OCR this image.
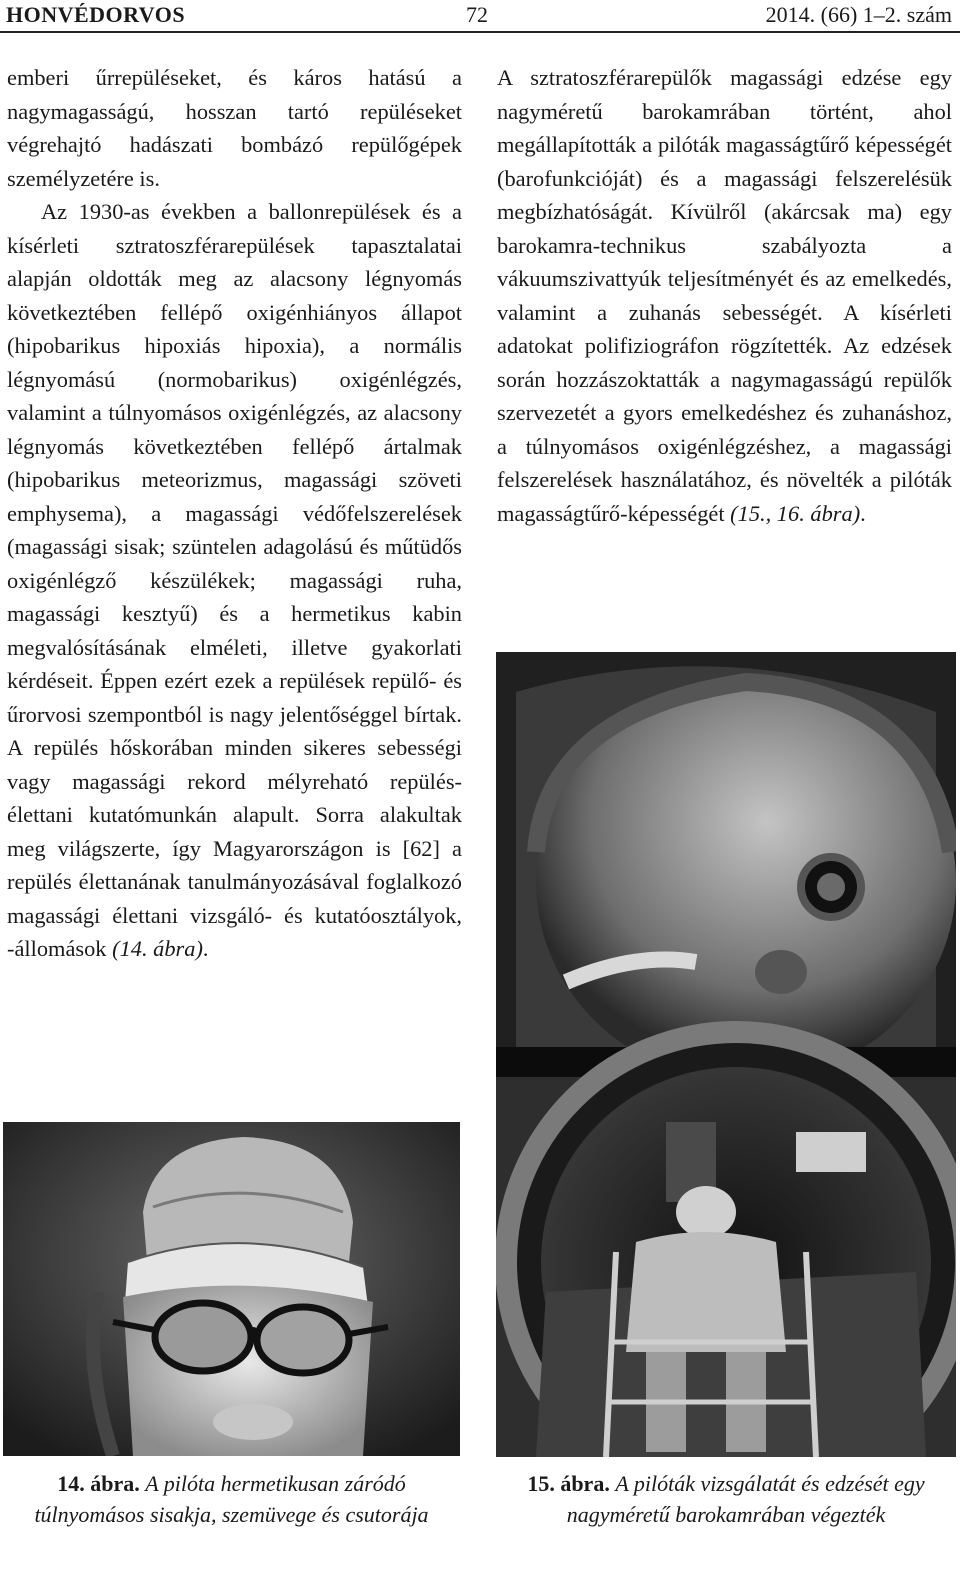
HONVÉDORVOS	72	2014. (66) 1–2. szám

emberi űrrepüléseket, és káros hatású a nagymagasságú, hosszan tartó repüléseket végrehajtó hadászati bombázó repülőgépek személyzetére is.

Az 1930-as években a ballonrepülések és a kísérleti sztratoszférarepülések tapasztalatai alapján oldották meg az alacsony légnyomás következtében fellépő oxigénhiányos állapot (hipobarikus hipoxiás hipoxia), a normális légnyomású (normobarikus) oxigénlégzés, valamint a túlnyomásos oxigénlégzés, az alacsony légnyomás következtében fellépő ártalmak (hipobarikus meteorizmus, magassági szöveti emphysema), a magassági védőfelszerelések (magassági sisak; szüntelen adagolású és műtüdős oxigénlégző készülékek; magassági ruha, magassági kesztyű) és a hermetikus kabin megvalósításának elméleti, illetve gyakorlati kérdéseit. Éppen ezért ezek a repülések repülő- és űrorvosi szempontból is nagy jelentőséggel bírtak. A repülés hőskorában minden sikeres sebességi vagy magassági rekord mélyreható repülés-élettani kutatómunkán alapult. Sorra alakultak meg világszerte, így Magyarországon is [62] a repülés élettanának tanulmányozásával foglalkozó magassági élettani vizsgáló- és kutatóosztályok, -állomások (14. ábra).

A sztratoszférarepülők magassági edzése egy nagyméretű barokamrában történt, ahol megállapították a pilóták magasságtűrő képességét (barofunkcióját) és a magassági felszerelésük megbízhatóságát. Kívülről (akárcsak ma) egy barokamra-technikus szabályozta a vákuumszivattyúk teljesítményét és az emelkedés, valamint a zuhanás sebességét. A kísérleti adatokat polifiziográfon rögzítették. Az edzések során hozzászoktatták a nagymagasságú repülők szervezetét a gyors emelkedéshez és zuhanáshoz, a túlnyomásos oxigénlégzéshez, a magassági felszerelések használatához, és növelték a pilóták magasságtűrő-képességét (15., 16. ábra).

14. ábra. A pilóta hermetikusan záródó túlnyomásos sisakja, szemüvege és csutorája
15. ábra. A pilóták vizsgálatát és edzését egy nagyméretű barokamrában végezték
